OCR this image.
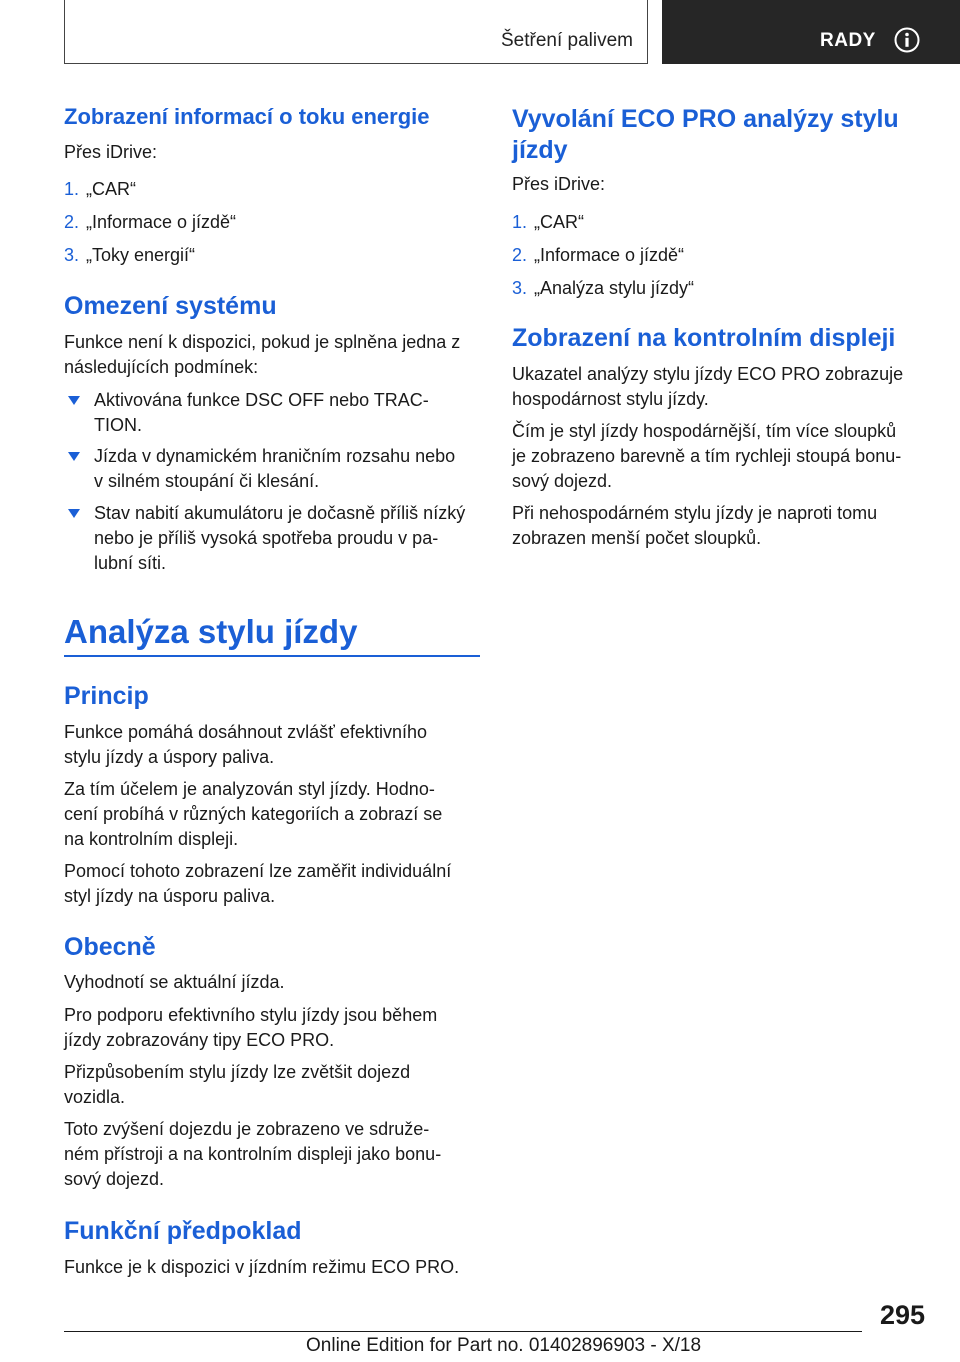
Šetření palivem	RADY
Zobrazení informací o toku energie
Přes iDrive:
1. „CAR“
2. „Informace o jízdě“
3. „Toky energií“
Omezení systému
Funkce není k dispozici, pokud je splněna jedna z
následujících podmínek:
Aktivována funkce DSC OFF nebo TRAC-
TION.
Jízda v dynamickém hraničním rozsahu nebo
v silném stoupání či klesání.
Stav nabití akumulátoru je dočasně příliš nízký
nebo je příliš vysoká spotřeba proudu v pa-
lubní síti.
Analýza stylu jízdy
Princip
Funkce pomáhá dosáhnout zvlášť efektivního
stylu jízdy a úspory paliva.
Za tím účelem je analyzován styl jízdy. Hodno-
cení probíhá v různých kategoriích a zobrazí se
na kontrolním displeji.
Pomocí tohoto zobrazení lze zaměřit individuální
styl jízdy na úsporu paliva.
Obecně
Vyhodnotí se aktuální jízda.
Pro podporu efektivního stylu jízdy jsou během
jízdy zobrazovány tipy ECO PRO.
Přizpůsobením stylu jízdy lze zvětšit dojezd
vozidla.
Toto zvýšení dojezdu je zobrazeno ve sdruže-
ném přístroji a na kontrolním displeji jako bonu-
sový dojezd.
Funkční předpoklad
Funkce je k dispozici v jízdním režimu ECO PRO.
Vyvolání ECO PRO analýzy stylu
jízdy
Přes iDrive:
1. „CAR“
2. „Informace o jízdě“
3. „Analýza stylu jízdy“
Zobrazení na kontrolním displeji
Ukazatel analýzy stylu jízdy ECO PRO zobrazuje
hospodárnost stylu jízdy.
Čím je styl jízdy hospodárnější, tím více sloupků
je zobrazeno barevně a tím rychleji stoupá bonu-
sový dojezd.
Při nehospodárném stylu jízdy je naproti tomu
zobrazen menší počet sloupků.
295
Online Edition for Part no. 01402896903 - X/18
